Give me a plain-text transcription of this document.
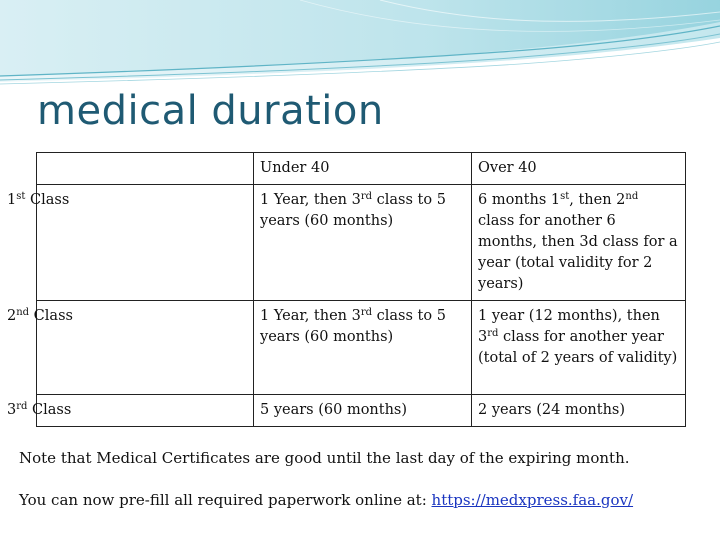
medical duration
	Under 40	Over 40

1st Class	1 Year, then 3rd class to 5 years (60 months)	6 months 1st, then 2nd class for another 6 months, then 3d class for a year (total validity for 2 years)

2nd Class	1 Year, then 3rd class to 5 years (60 months)	1 year (12 months), then 3rd class for another year (total of 2 years of validity)

3rd Class	5 years (60 months)	2 years (24 months)

Note that Medical Certificates are good until the last day of the expiring month.

You can now pre-fill all required paperwork online at: https://medxpress.faa.gov/
